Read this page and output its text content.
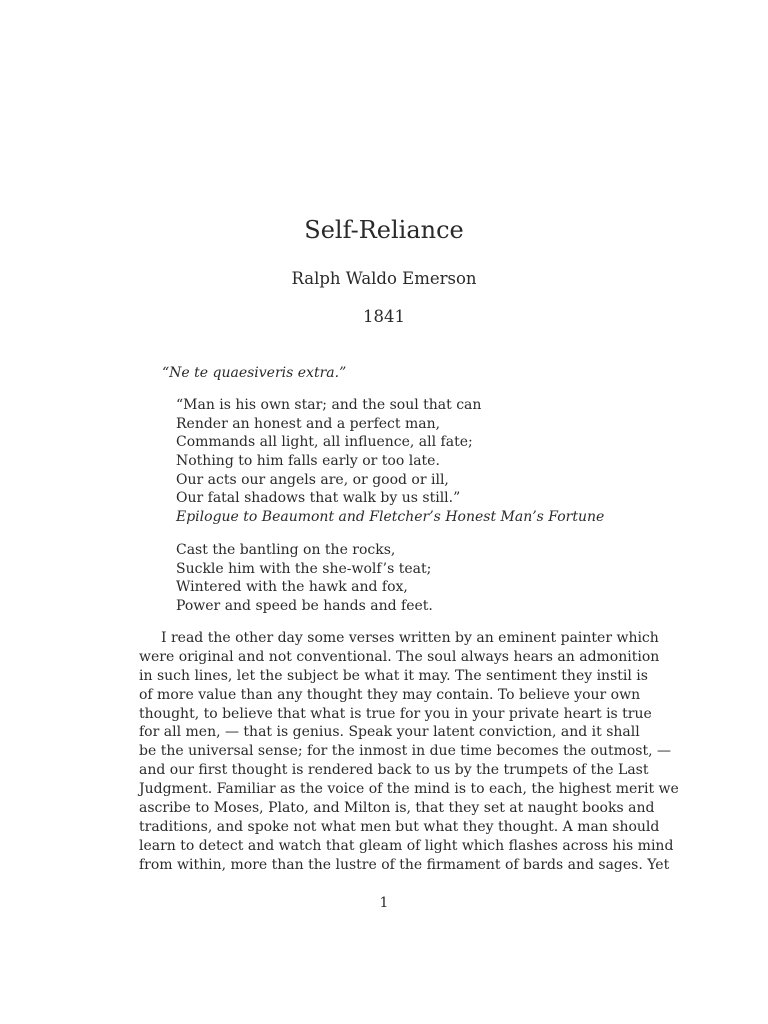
Self-Reliance
Ralph Waldo Emerson
1841
“Ne te quaesiveris extra.”
“Man is his own star; and the soul that can
Render an honest and a perfect man,
Commands all light, all influence, all fate;
Nothing to him falls early or too late.
Our acts our angels are, or good or ill,
Our fatal shadows that walk by us still.”
Epilogue to Beaumont and Fletcher’s Honest Man’s Fortune
Cast the bantling on the rocks,
Suckle him with the she-wolf’s teat;
Wintered with the hawk and fox,
Power and speed be hands and feet.
I read the other day some verses written by an eminent painter which
were original and not conventional. The soul always hears an admonition
in such lines, let the subject be what it may. The sentiment they instil is
of more value than any thought they may contain. To believe your own
thought, to believe that what is true for you in your private heart is true
for all men, — that is genius. Speak your latent conviction, and it shall
be the universal sense; for the inmost in due time becomes the outmost, —
and our first thought is rendered back to us by the trumpets of the Last
Judgment. Familiar as the voice of the mind is to each, the highest merit we
ascribe to Moses, Plato, and Milton is, that they set at naught books and
traditions, and spoke not what men but what they thought. A man should
learn to detect and watch that gleam of light which flashes across his mind
from within, more than the lustre of the firmament of bards and sages. Yet
1
